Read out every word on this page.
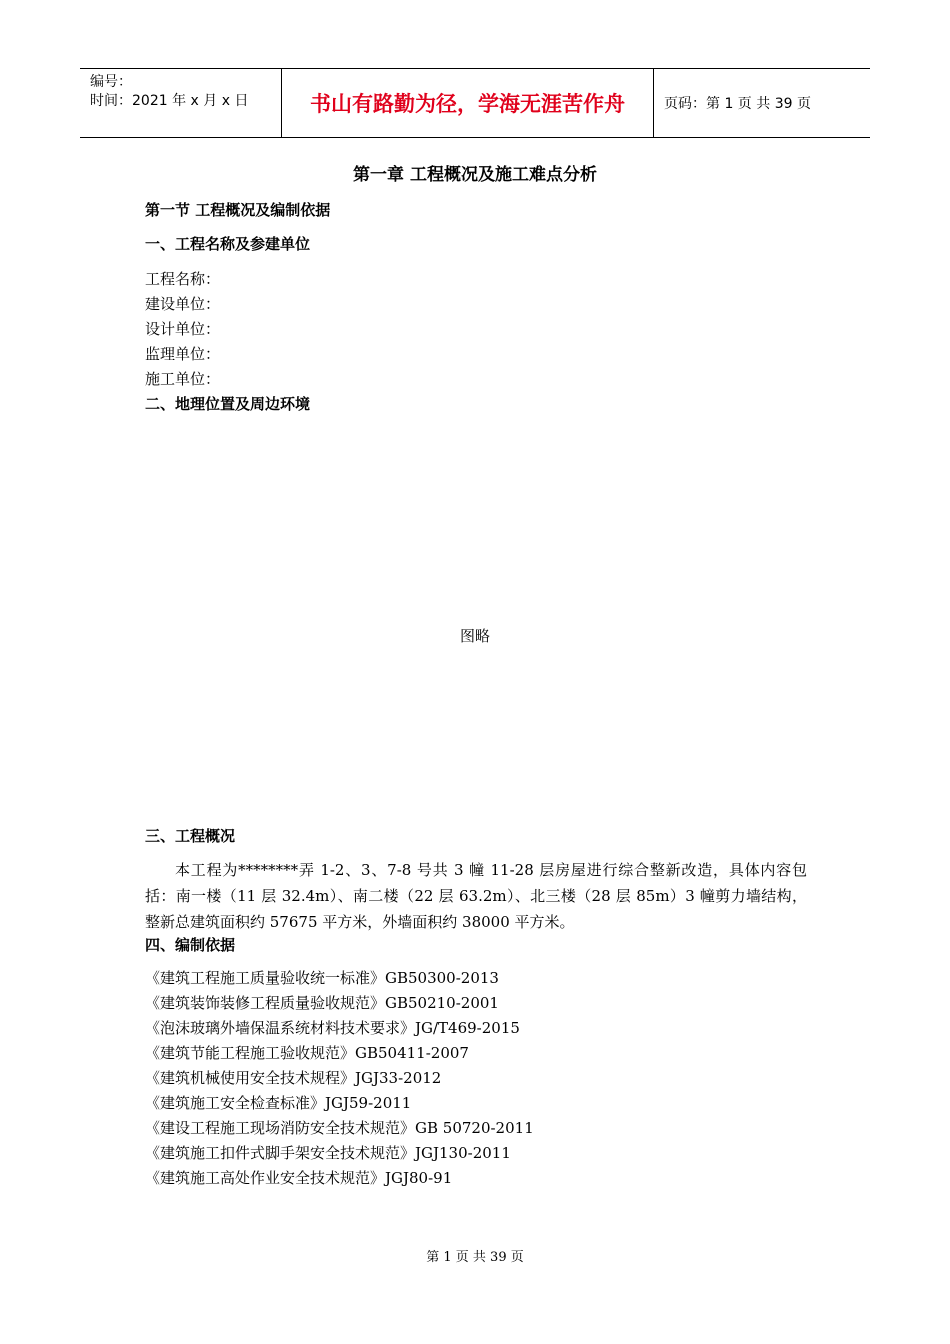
编号：
时间：2021 年 x 月 x 日	书山有路勤为径，学海无涯苦作舟	页码：第 1 页 共 39 页
第一章 工程概况及施工难点分析
第一节 工程概况及编制依据
一、工程名称及参建单位
工程名称：
建设单位：
设计单位：
监理单位：
施工单位：
二、地理位置及周边环境
图略
三、工程概况
本工程为********弄 1-2、3、7-8 号共 3 幢 11-28 层房屋进行综合整新改造，具体内容包括：南一楼（11 层 32.4m）、南二楼（22 层 63.2m）、北三楼（28 层 85m）3 幢剪力墙结构，整新总建筑面积约 57675 平方米，外墙面积约 38000 平方米。
四、编制依据
《建筑工程施工质量验收统一标准》GB50300-2013
《建筑装饰装修工程质量验收规范》GB50210-2001
《泡沫玻璃外墙保温系统材料技术要求》JG/T469-2015
《建筑节能工程施工验收规范》GB50411-2007
《建筑机械使用安全技术规程》JGJ33-2012
《建筑施工安全检查标准》JGJ59-2011
《建设工程施工现场消防安全技术规范》GB 50720-2011
《建筑施工扣件式脚手架安全技术规范》JGJ130-2011
《建筑施工高处作业安全技术规范》JGJ80-91
第 1 页 共 39 页
